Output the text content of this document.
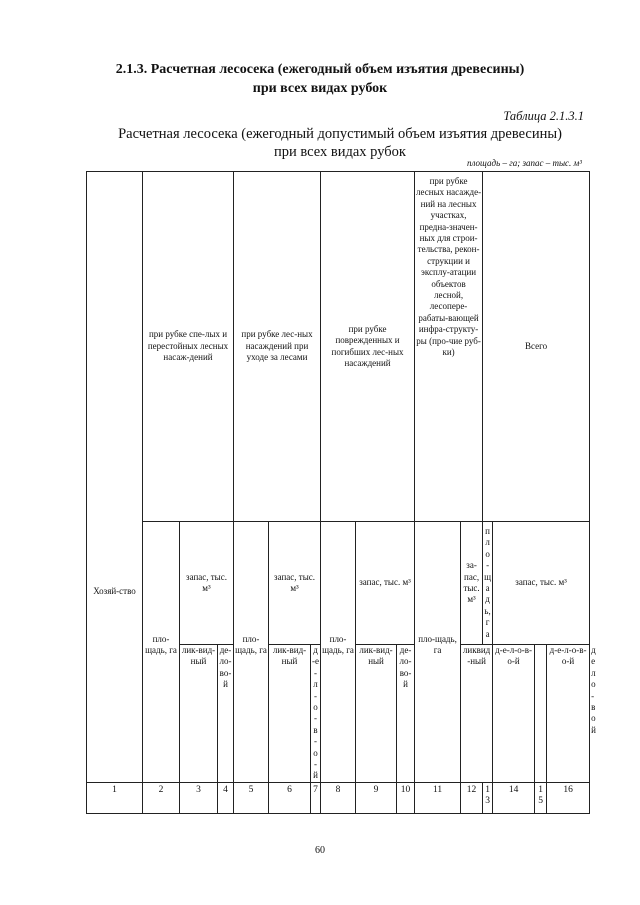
2.1.3. Расчетная лесосека (ежегодный объем изъятия древесины)
при всех видах рубок
Таблица 2.1.3.1
Расчетная лесосека (ежегодный допустимый объем изъятия древесины)
при всех видах рубок
площадь – га; запас – тыс. м³
Хозяй-ство	при рубке спе-лых и перестойных лесных насаж-дений			при рубке лес-ных насаждений при уходе за лесами			при рубке поврежденных и погибших лес-ных насаждений			при рубке лесных насажде-ний на лесных участках, предна-значен-ных для строи-тельства, рекон-струкции и эксплу-атации объектов лесной, лесопере-рабаты-вающей инфра-структу-ры (про-чие руб-ки)		Всего				
	пло-щадь, га	запас, тыс. м³		пло-щадь, га	запас, тыс. м³		пло-щадь, га	запас, тыс. м³		пло-щадь, га	за-пас, тыс. м³	пло-щадь, га	запас, тыс. м³			
		лик-вид-ный	де-ло-во-й		лик-вид-ный	д-е-л-о-в-о-й		лик-вид-ный	де-ло-во-й		ликвид-ный		д-е-л-о-в-о-й		д-е-л-о-в-о-й	дело-вой
1	2	3	4	5	6	7	8	9	10	11	12	13	14	15	16	
60
